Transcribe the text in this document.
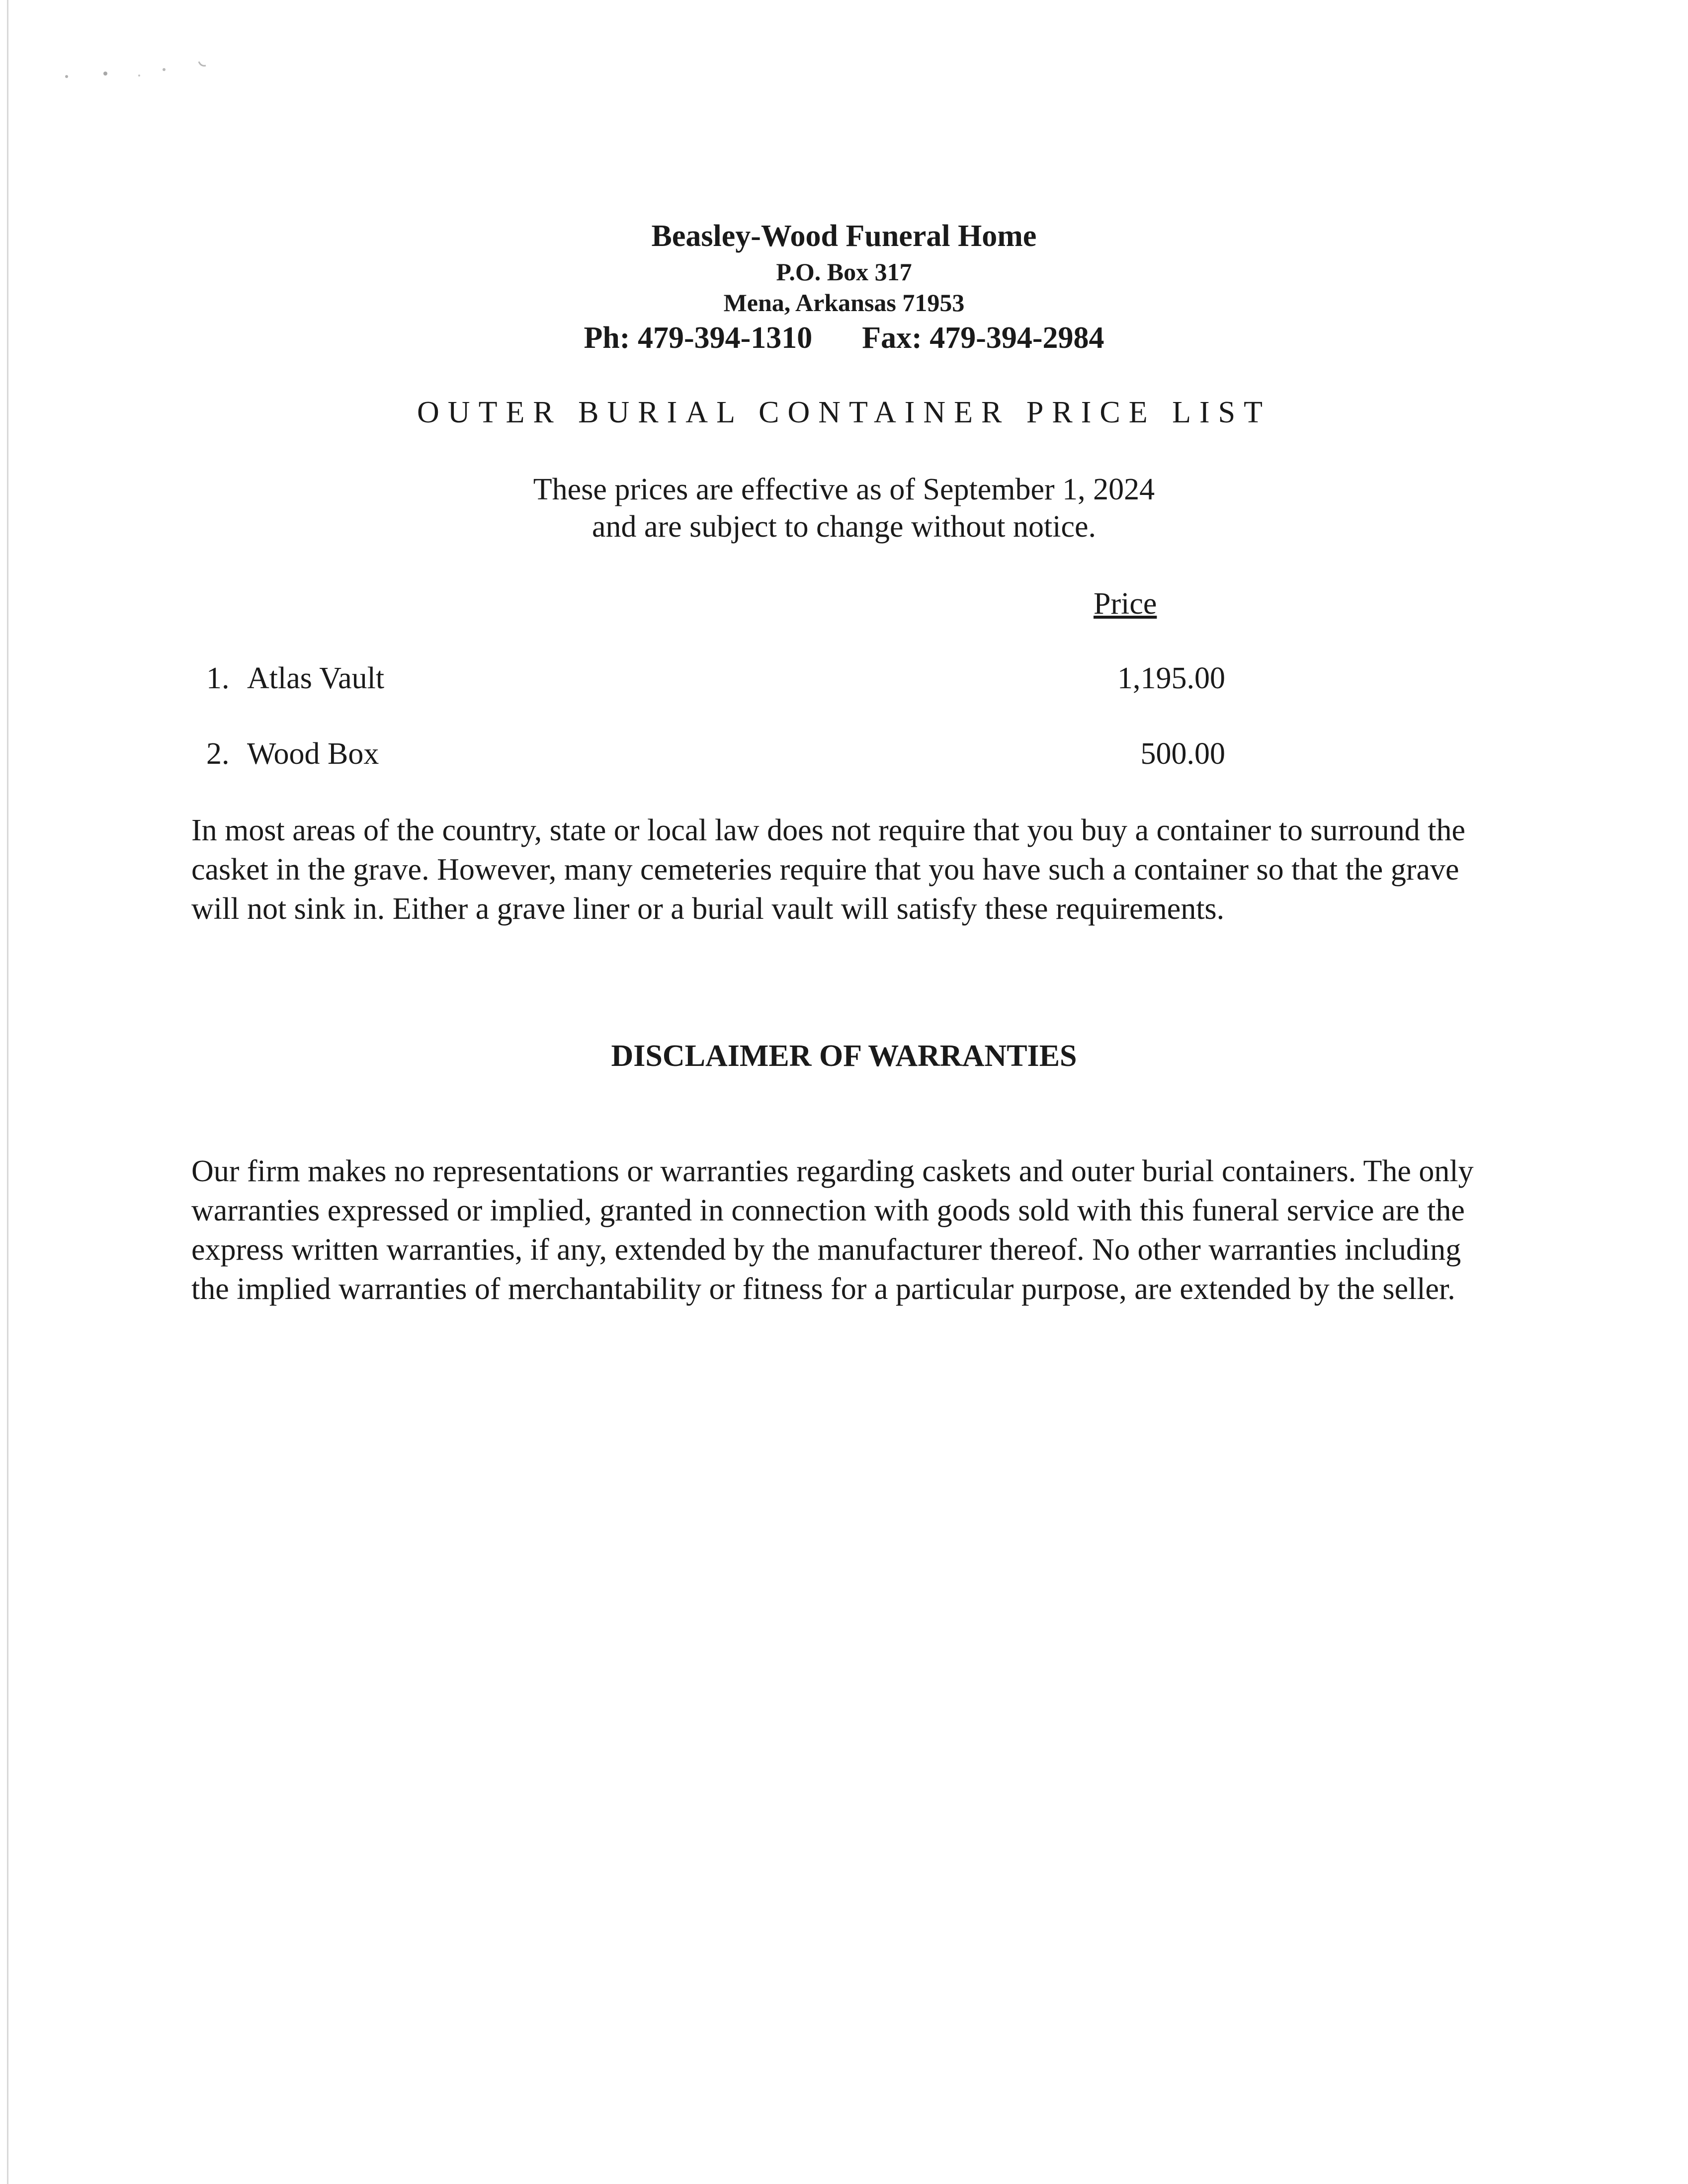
Beasley-Wood Funeral Home
P.O. Box 317
Mena, Arkansas 71953
Ph: 479-394-1310 Fax: 479-394-2984
OUTER BURIAL CONTAINER PRICE LIST
These prices are effective as of September 1, 2024
and are subject to change without notice.
Price
1. Atlas Vault	1,195.00
2. Wood Box	500.00
In most areas of the country, state or local law does not require that you buy a container to surround the casket in the grave. However, many cemeteries require that you have such a container so that the grave will not sink in. Either a grave liner or a burial vault will satisfy these requirements.
DISCLAIMER OF WARRANTIES
Our firm makes no representations or warranties regarding caskets and outer burial containers. The only warranties expressed or implied, granted in connection with goods sold with this funeral service are the express written warranties, if any, extended by the manufacturer thereof. No other warranties including the implied warranties of merchantability or fitness for a particular purpose, are extended by the seller.
